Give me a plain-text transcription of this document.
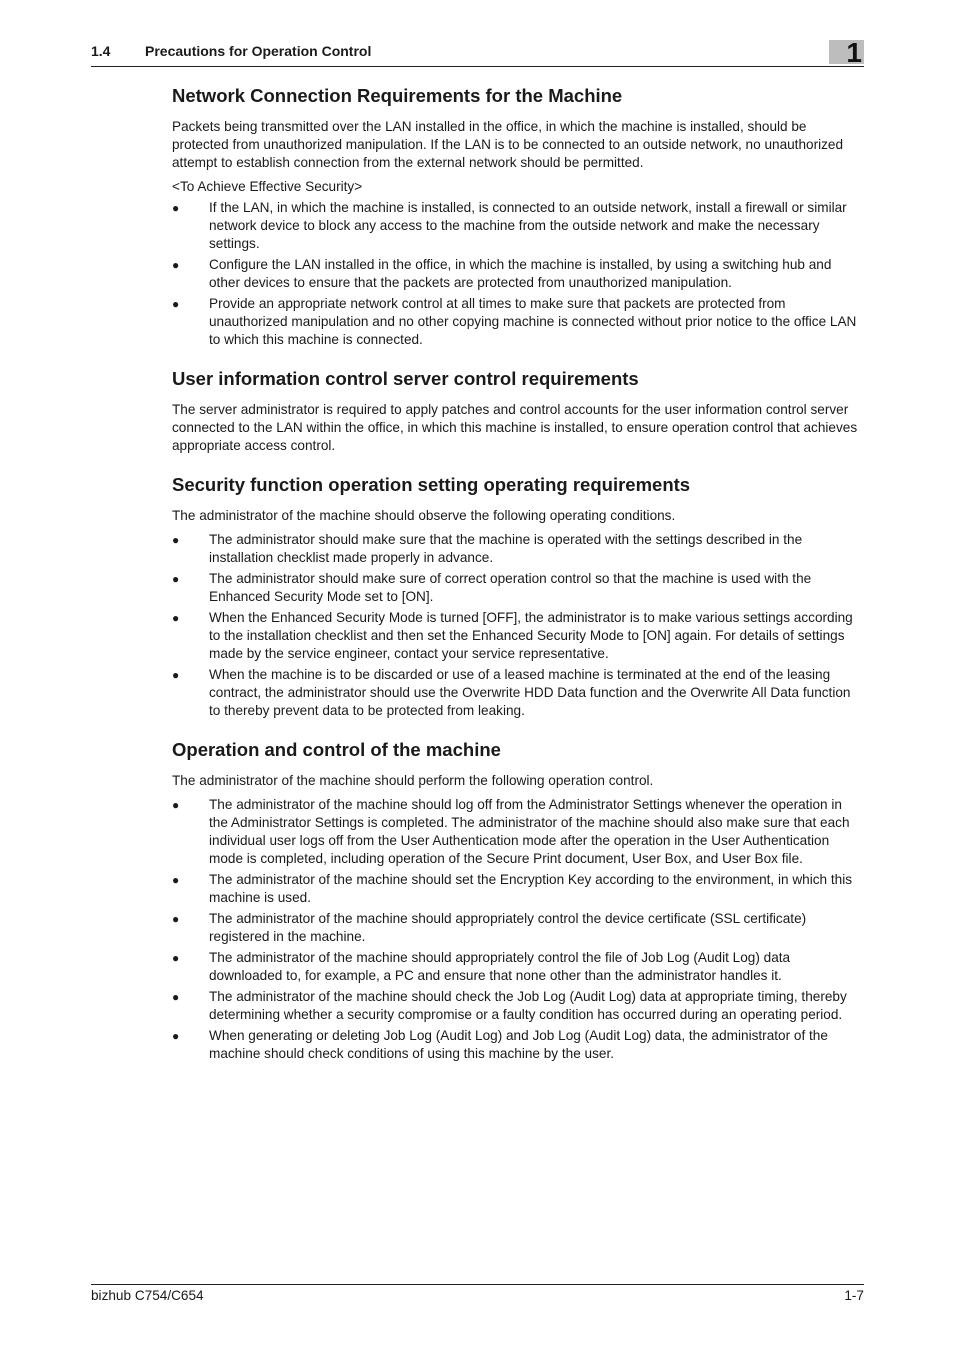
1.4 Precautions for Operation Control	1
Network Connection Requirements for the Machine

Packets being transmitted over the LAN installed in the office, in which the machine is installed, should be protected from unauthorized manipulation. If the LAN is to be connected to an outside network, no unauthorized attempt to establish connection from the external network should be permitted.

<To Achieve Effective Security>
● If the LAN, in which the machine is installed, is connected to an outside network, install a firewall or similar network device to block any access to the machine from the outside network and make the necessary settings.
● Configure the LAN installed in the office, in which the machine is installed, by using a switching hub and other devices to ensure that the packets are protected from unauthorized manipulation.
● Provide an appropriate network control at all times to make sure that packets are protected from unauthorized manipulation and no other copying machine is connected without prior notice to the office LAN to which this machine is connected.
User information control server control requirements

The server administrator is required to apply patches and control accounts for the user information control server connected to the LAN within the office, in which this machine is installed, to ensure operation control that achieves appropriate access control.

Security function operation setting operating requirements

The administrator of the machine should observe the following operating conditions.

● The administrator should make sure that the machine is operated with the settings described in the installation checklist made properly in advance.
● The administrator should make sure of correct operation control so that the machine is used with the Enhanced Security Mode set to [ON].
● When the Enhanced Security Mode is turned [OFF], the administrator is to make various settings according to the installation checklist and then set the Enhanced Security Mode to [ON] again. For details of settings made by the service engineer, contact your service representative.
● When the machine is to be discarded or use of a leased machine is terminated at the end of the leasing contract, the administrator should use the Overwrite HDD Data function and the Overwrite All Data function to thereby prevent data to be protected from leaking.
Operation and control of the machine

The administrator of the machine should perform the following operation control.

● The administrator of the machine should log off from the Administrator Settings whenever the operation in the Administrator Settings is completed. The administrator of the machine should also make sure that each individual user logs off from the User Authentication mode after the operation in the User Authentication mode is completed, including operation of the Secure Print document, User Box, and User Box file.
● The administrator of the machine should set the Encryption Key according to the environment, in which this machine is used.
● The administrator of the machine should appropriately control the device certificate (SSL certificate) registered in the machine.
● The administrator of the machine should appropriately control the file of Job Log (Audit Log) data downloaded to, for example, a PC and ensure that none other than the administrator handles it.
● The administrator of the machine should check the Job Log (Audit Log) data at appropriate timing, thereby determining whether a security compromise or a faulty condition has occurred during an operating period.
● When generating or deleting Job Log (Audit Log) and Job Log (Audit Log) data, the administrator of the machine should check conditions of using this machine by the user.
bizhub C754/C654	1-7
